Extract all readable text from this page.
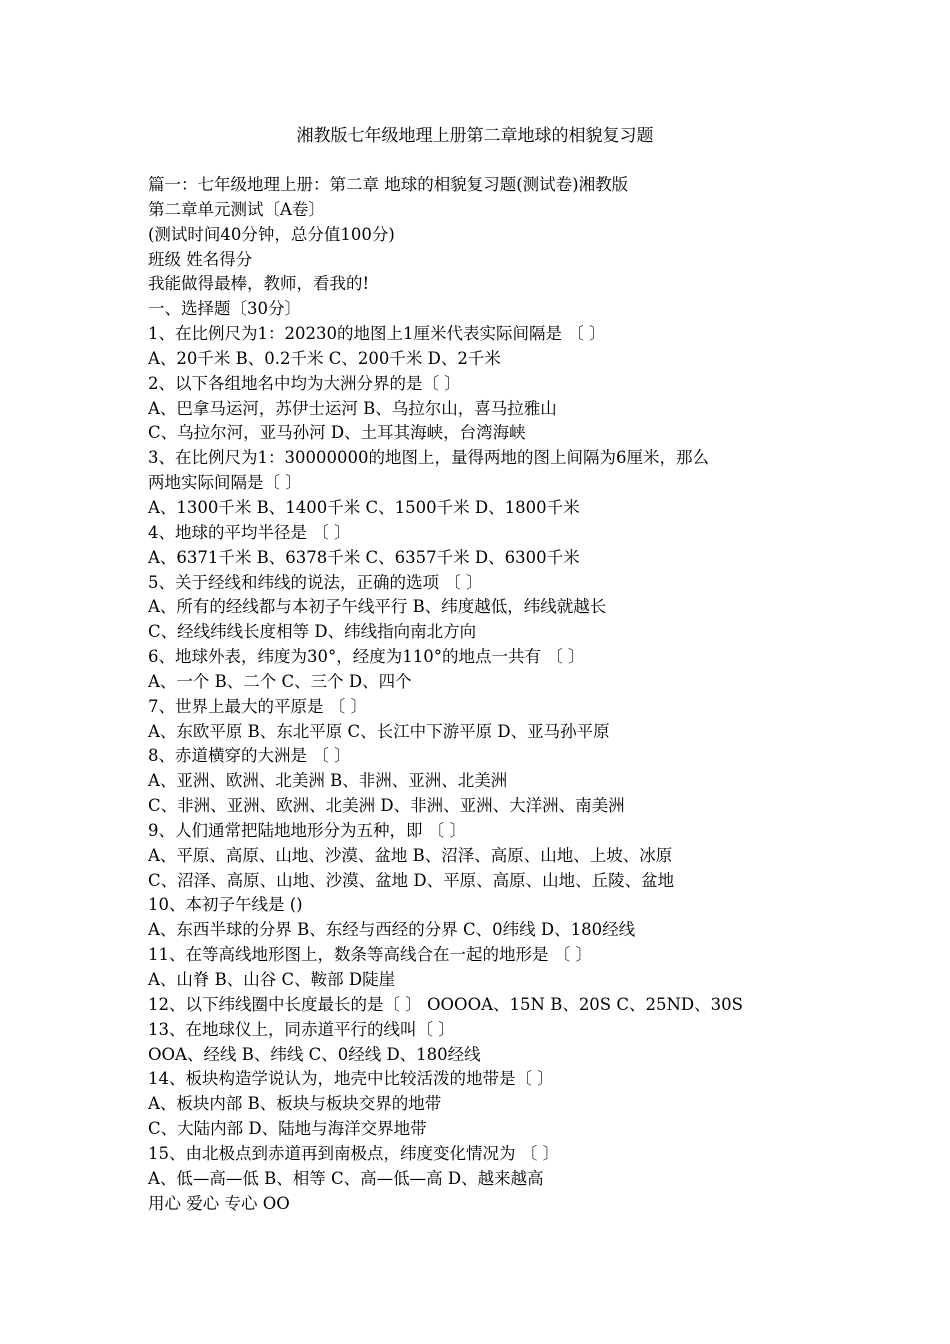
湘教版七年级地理上册第二章地球的相貌复习题
篇一：七年级地理上册：第二章 地球的相貌复习题(测试卷)湘教版
第二章单元测试〔A卷〕
(测试时间40分钟，总分值100分)
班级 姓名得分
我能做得最棒，教师，看我的!
一、选择题〔30分〕
1、在比例尺为1：20230的地图上1厘米代表实际间隔是 〔 〕
A、20千米 B、0.2千米 C、200千米 D、2千米
2、以下各组地名中均为大洲分界的是〔 〕
A、巴拿马运河，苏伊士运河 B、乌拉尔山，喜马拉雅山
C、乌拉尔河，亚马孙河 D、土耳其海峡，台湾海峡
3、在比例尺为1：30000000的地图上，量得两地的图上间隔为6厘米，那么
两地实际间隔是〔 〕
A、1300千米 B、1400千米 C、1500千米 D、1800千米
4、地球的平均半径是 〔 〕
A、6371千米 B、6378千米 C、6357千米 D、6300千米
5、关于经线和纬线的说法，正确的选项 〔 〕
A、所有的经线都与本初子午线平行 B、纬度越低，纬线就越长
C、经线纬线长度相等 D、纬线指向南北方向
6、地球外表，纬度为30°，经度为110°的地点一共有 〔 〕
A、一个 B、二个 C、三个 D、四个
7、世界上最大的平原是 〔 〕
A、东欧平原 B、东北平原 C、长江中下游平原 D、亚马孙平原
8、赤道横穿的大洲是 〔 〕
A、亚洲、欧洲、北美洲 B、非洲、亚洲、北美洲
C、非洲、亚洲、欧洲、北美洲 D、非洲、亚洲、大洋洲、南美洲
9、人们通常把陆地地形分为五种，即 〔 〕
A、平原、高原、山地、沙漠、盆地 B、沼泽、高原、山地、上坡、冰原
C、沼泽、高原、山地、沙漠、盆地 D、平原、高原、山地、丘陵、盆地
10、本初子午线是 ()
A、东西半球的分界 B、东经与西经的分界 C、0纬线 D、180经线
11、在等高线地形图上，数条等高线合在一起的地形是 〔 〕
A、山脊 B、山谷 C、鞍部 D陡崖
12、以下纬线圈中长度最长的是〔 〕 OOOOA、15N B、20S C、25ND、30S
13、在地球仪上，同赤道平行的线叫〔 〕
OOA、经线 B、纬线 C、0经线 D、180经线
14、板块构造学说认为，地壳中比较活泼的地带是〔 〕
A、板块内部 B、板块与板块交界的地带
C、大陆内部 D、陆地与海洋交界地带
15、由北极点到赤道再到南极点，纬度变化情况为 〔 〕
A、低—高—低 B、相等 C、高—低—高 D、越来越高
用心 爱心 专心 OO
